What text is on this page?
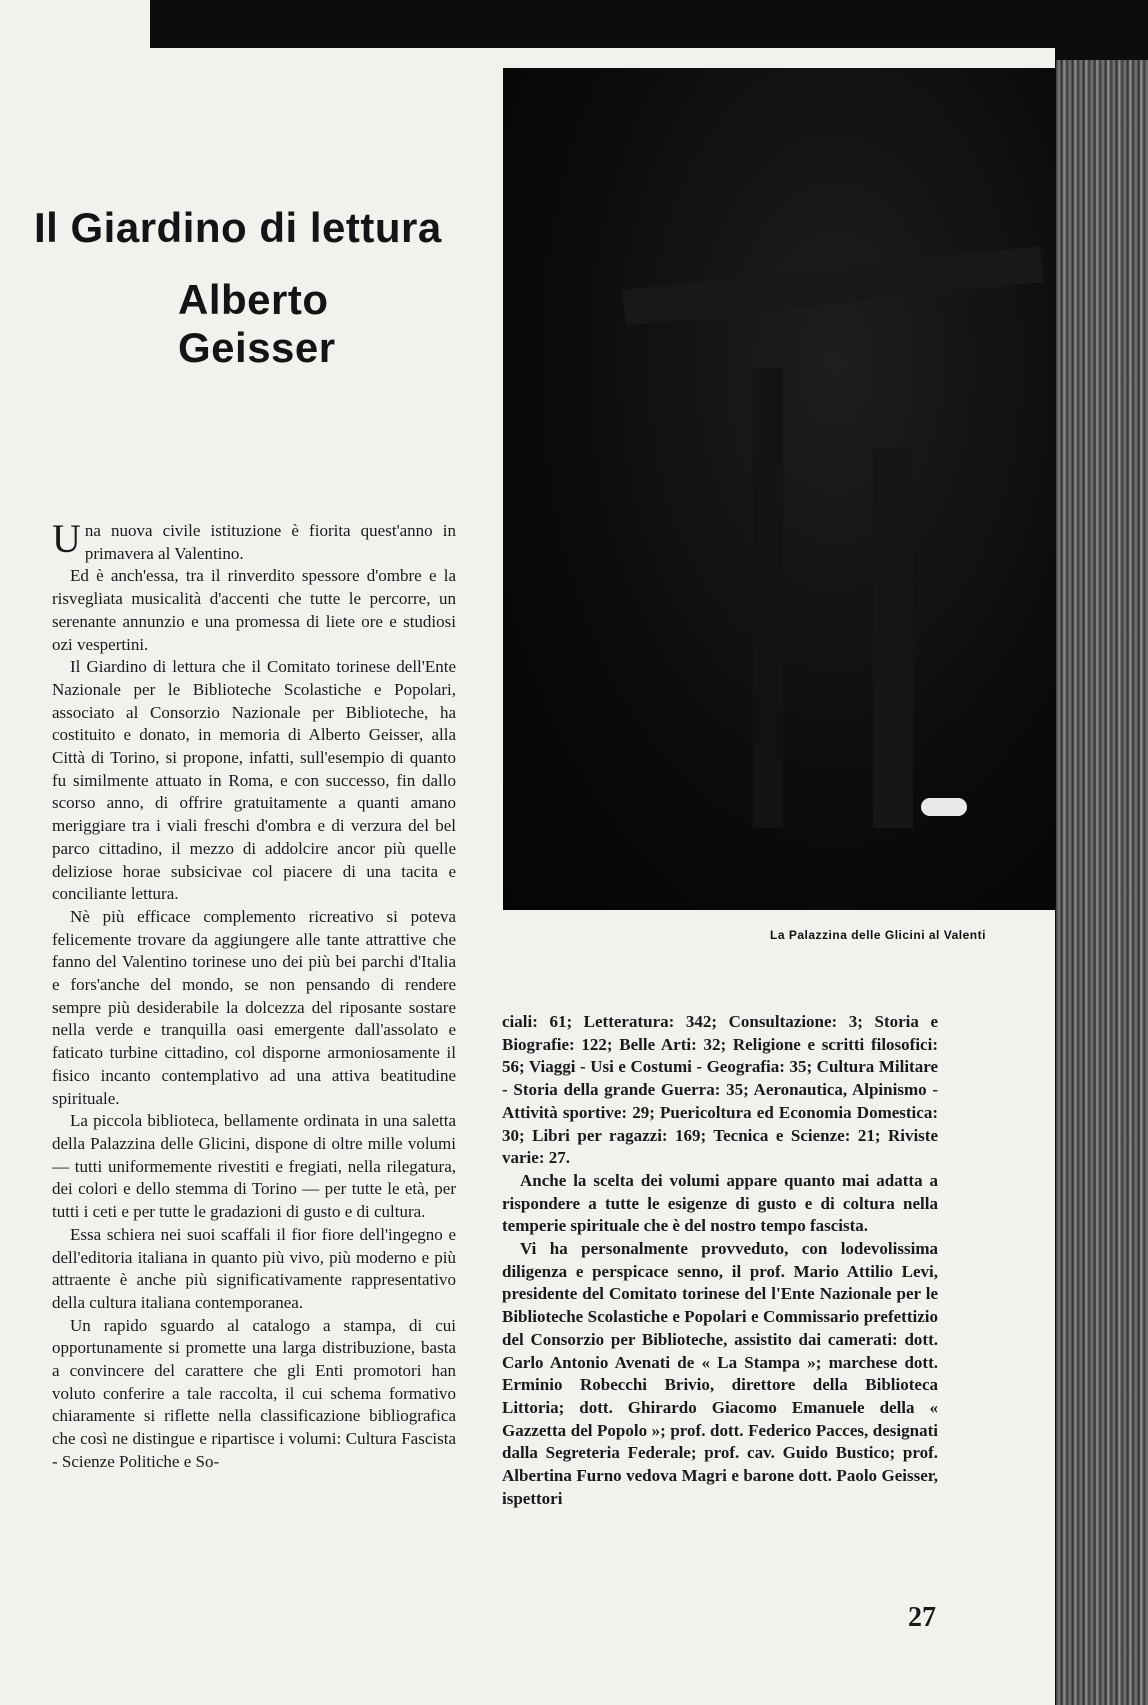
Il Giardino di lettura
Alberto Geisser

Una nuova civile istituzione è fiorita quest'anno in primavera al Valentino.

Ed è anch'essa, tra il rinverdito spessore d'ombre e la risvegliata musicalità d'accenti che tutte le percorre, un serenante annunzio e una promessa di liete ore e studiosi ozi vespertini.

Il Giardino di lettura che il Comitato torinese dell'Ente Nazionale per le Biblioteche Scolastiche e Popolari, associato al Consorzio Nazionale per Biblioteche, ha costituito e donato, in memoria di Alberto Geisser, alla Città di Torino, si propone, infatti, sull'esempio di quanto fu similmente attuato in Roma, e con successo, fin dallo scorso anno, di offrire gratuitamente a quanti amano meriggiare tra i viali freschi d'ombra e di verzura del bel parco cittadino, il mezzo di addolcire ancor più quelle deliziose horae subsicivae col piacere di una tacita e conciliante lettura.

Nè più efficace complemento ricreativo si poteva felicemente trovare da aggiungere alle tante attrattive che fanno del Valentino torinese uno dei più bei parchi d'Italia e fors'anche del mondo, se non pensando di rendere sempre più desiderabile la dolcezza del riposante sostare nella verde e tranquilla oasi emergente dall'assolato e faticato turbine cittadino, col disporne armoniosamente il fisico incanto contemplativo ad una attiva beatitudine spirituale.

La piccola biblioteca, bellamente ordinata in una saletta della Palazzina delle Glicini, dispone di oltre mille volumi — tutti uniformemente rivestiti e fregiati, nella rilegatura, dei colori e dello stemma di Torino — per tutte le età, per tutti i ceti e per tutte le gradazioni di gusto e di cultura.

Essa schiera nei suoi scaffali il fior fiore dell'ingegno e dell'editoria italiana in quanto più vivo, più moderno e più attraente è anche più significativamente rappresentativo della cultura italiana contemporanea.

Un rapido sguardo al catalogo a stampa, di cui opportunamente si promette una larga distribuzione, basta a convincere del carattere che gli Enti promotori han voluto conferire a tale raccolta, il cui schema formativo chiaramente si riflette nella classificazione bibliografica che così ne distingue e ripartisce i volumi: Cultura Fascista - Scienze Politiche e So-

La Palazzina delle Glicini al Valenti

ciali: 61; Letteratura: 342; Consultazione: 3; Storia e Biografie: 122; Belle Arti: 32; Religione e scritti filosofici: 56; Viaggi - Usi e Costumi - Geografia: 35; Cultura Militare - Storia della grande Guerra: 35; Aeronautica, Alpinismo - Attività sportive: 29; Puericoltura ed Economia Domestica: 30; Libri per ragazzi: 169; Tecnica e Scienze: 21; Riviste varie: 27.

Anche la scelta dei volumi appare quanto mai adatta a rispondere a tutte le esigenze di gusto e di coltura nella temperie spirituale che è del nostro tempo fascista.

Vi ha personalmente provveduto, con lodevolissima diligenza e perspicace senno, il prof. Mario Attilio Levi, presidente del Comitato torinese del l'Ente Nazionale per le Biblioteche Scolastiche e Popolari e Commissario prefettizio del Consorzio per Biblioteche, assistito dai camerati: dott. Carlo Antonio Avenati de « La Stampa »; marchese dott. Erminio Robecchi Brivio, direttore della Biblioteca Littoria; dott. Ghirardo Giacomo Emanuele della « Gazzetta del Popolo »; prof. dott. Federico Pacces, designati dalla Segreteria Federale; prof. cav. Guido Bustico; prof. Albertina Furno vedova Magri e barone dott. Paolo Geisser, ispettori

27
